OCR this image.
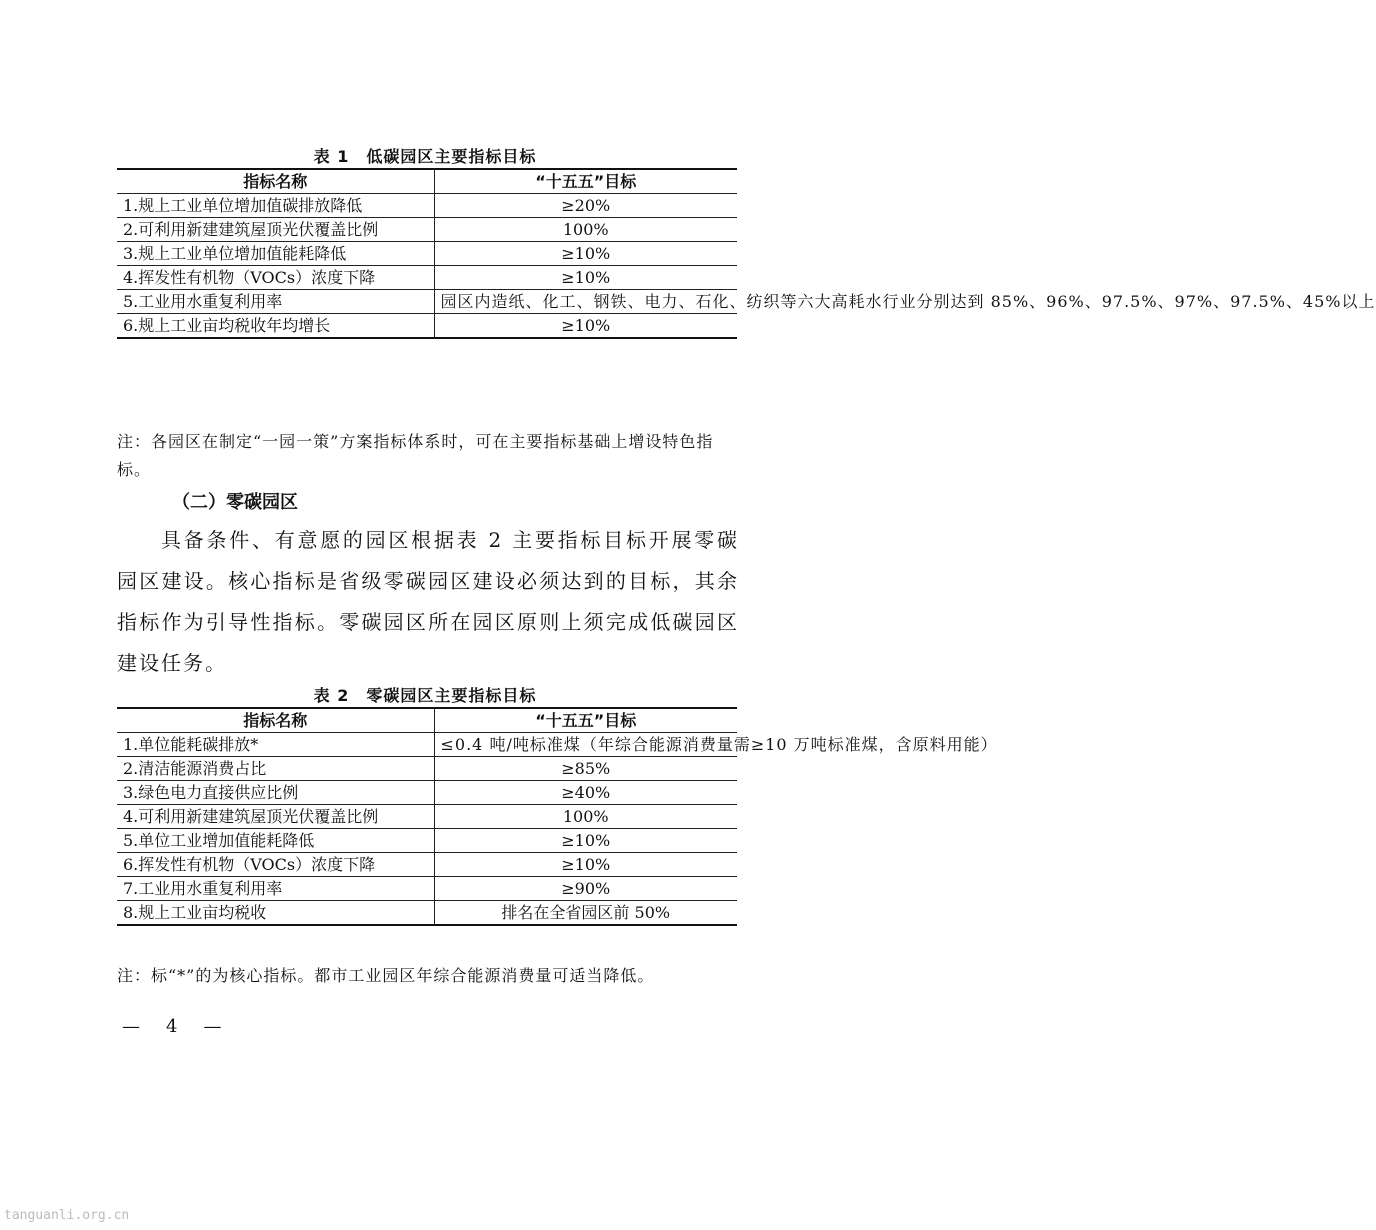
表 1　低碳园区主要指标目标
指标名称	“十五五”目标
1.规上工业单位增加值碳排放降低	≥20%
2.可利用新建建筑屋顶光伏覆盖比例	100%
3.规上工业单位增加值能耗降低	≥10%
4.挥发性有机物（VOCs）浓度下降	≥10%
5.工业用水重复利用率	园区内造纸、化工、钢铁、电力、石化、纺织等六大高耗水行业分别达到 85%、96%、97.5%、97%、97.5%、45%以上
6.规上工业亩均税收年均增长	≥10%
注：各园区在制定“一园一策”方案指标体系时，可在主要指标基础上增设特色指标。
（二）零碳园区
具备条件、有意愿的园区根据表 2 主要指标目标开展零碳园区建设。核心指标是省级零碳园区建设必须达到的目标，其余指标作为引导性指标。零碳园区所在园区原则上须完成低碳园区建设任务。
表 2　零碳园区主要指标目标
指标名称	“十五五”目标
1.单位能耗碳排放*	≤0.4 吨/吨标准煤（年综合能源消费量需≥10 万吨标准煤，含原料用能）
2.清洁能源消费占比	≥85%
3.绿色电力直接供应比例	≥40%
4.可利用新建建筑屋顶光伏覆盖比例	100%
5.单位工业增加值能耗降低	≥10%
6.挥发性有机物（VOCs）浓度下降	≥10%
7.工业用水重复利用率	≥90%
8.规上工业亩均税收	排名在全省园区前 50%
注：标“*”的为核心指标。都市工业园区年综合能源消费量可适当降低。
—　4　—
tanguanli.org.cn
